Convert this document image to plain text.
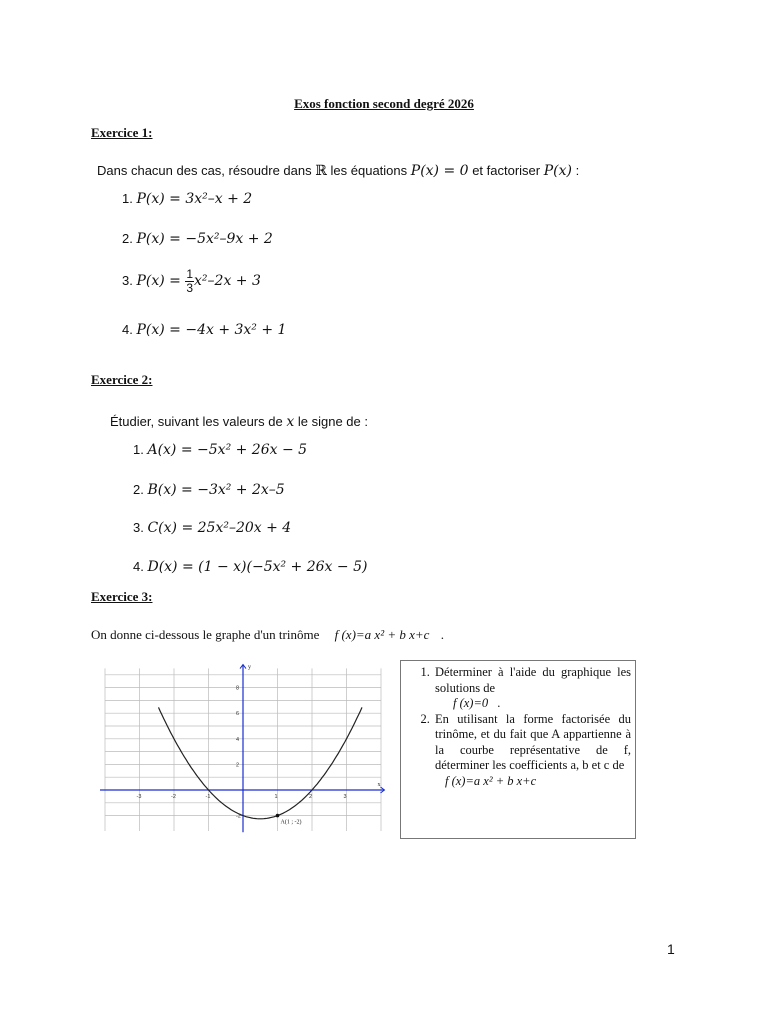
Exos fonction second degré 2026
Exercice 1:
Dans chacun des cas, résoudre dans ℝ les équations P(x) = 0 et factoriser P(x) :
1. P(x) = 3x²–x + 2
2. P(x) = −5x²–9x + 2
3. $P(x) = \frac{1}{3} x^2-2x + 3$
4. P(x) = −4x + 3x² + 1
Exercice 2:
Étudier, suivant les valeurs de x le signe de :
1. A(x) = −5x² + 26x − 5
2. B(x) = −3x² + 2x–5
3. C(x) = 25x²–20x + 4
4. D(x) = (1 − x)(−5x² + 26x − 5)
Exercice 3:
On donne ci-dessous le graphe d'un trinôme f (x)=a x² + b x+c .
-3	-2	-1	1	2	3
8
6
4
2
-2
A(1 ; -2)
y
x
1. Déterminer à l'aide du graphique les solutions de
f (x)=0 .
2. En utilisant la forme factorisée du trinôme, et du fait que A appartienne à la courbe représentative de f, déterminer les coefficients a, b et c de
f (x)=a x² + b x+c
1
